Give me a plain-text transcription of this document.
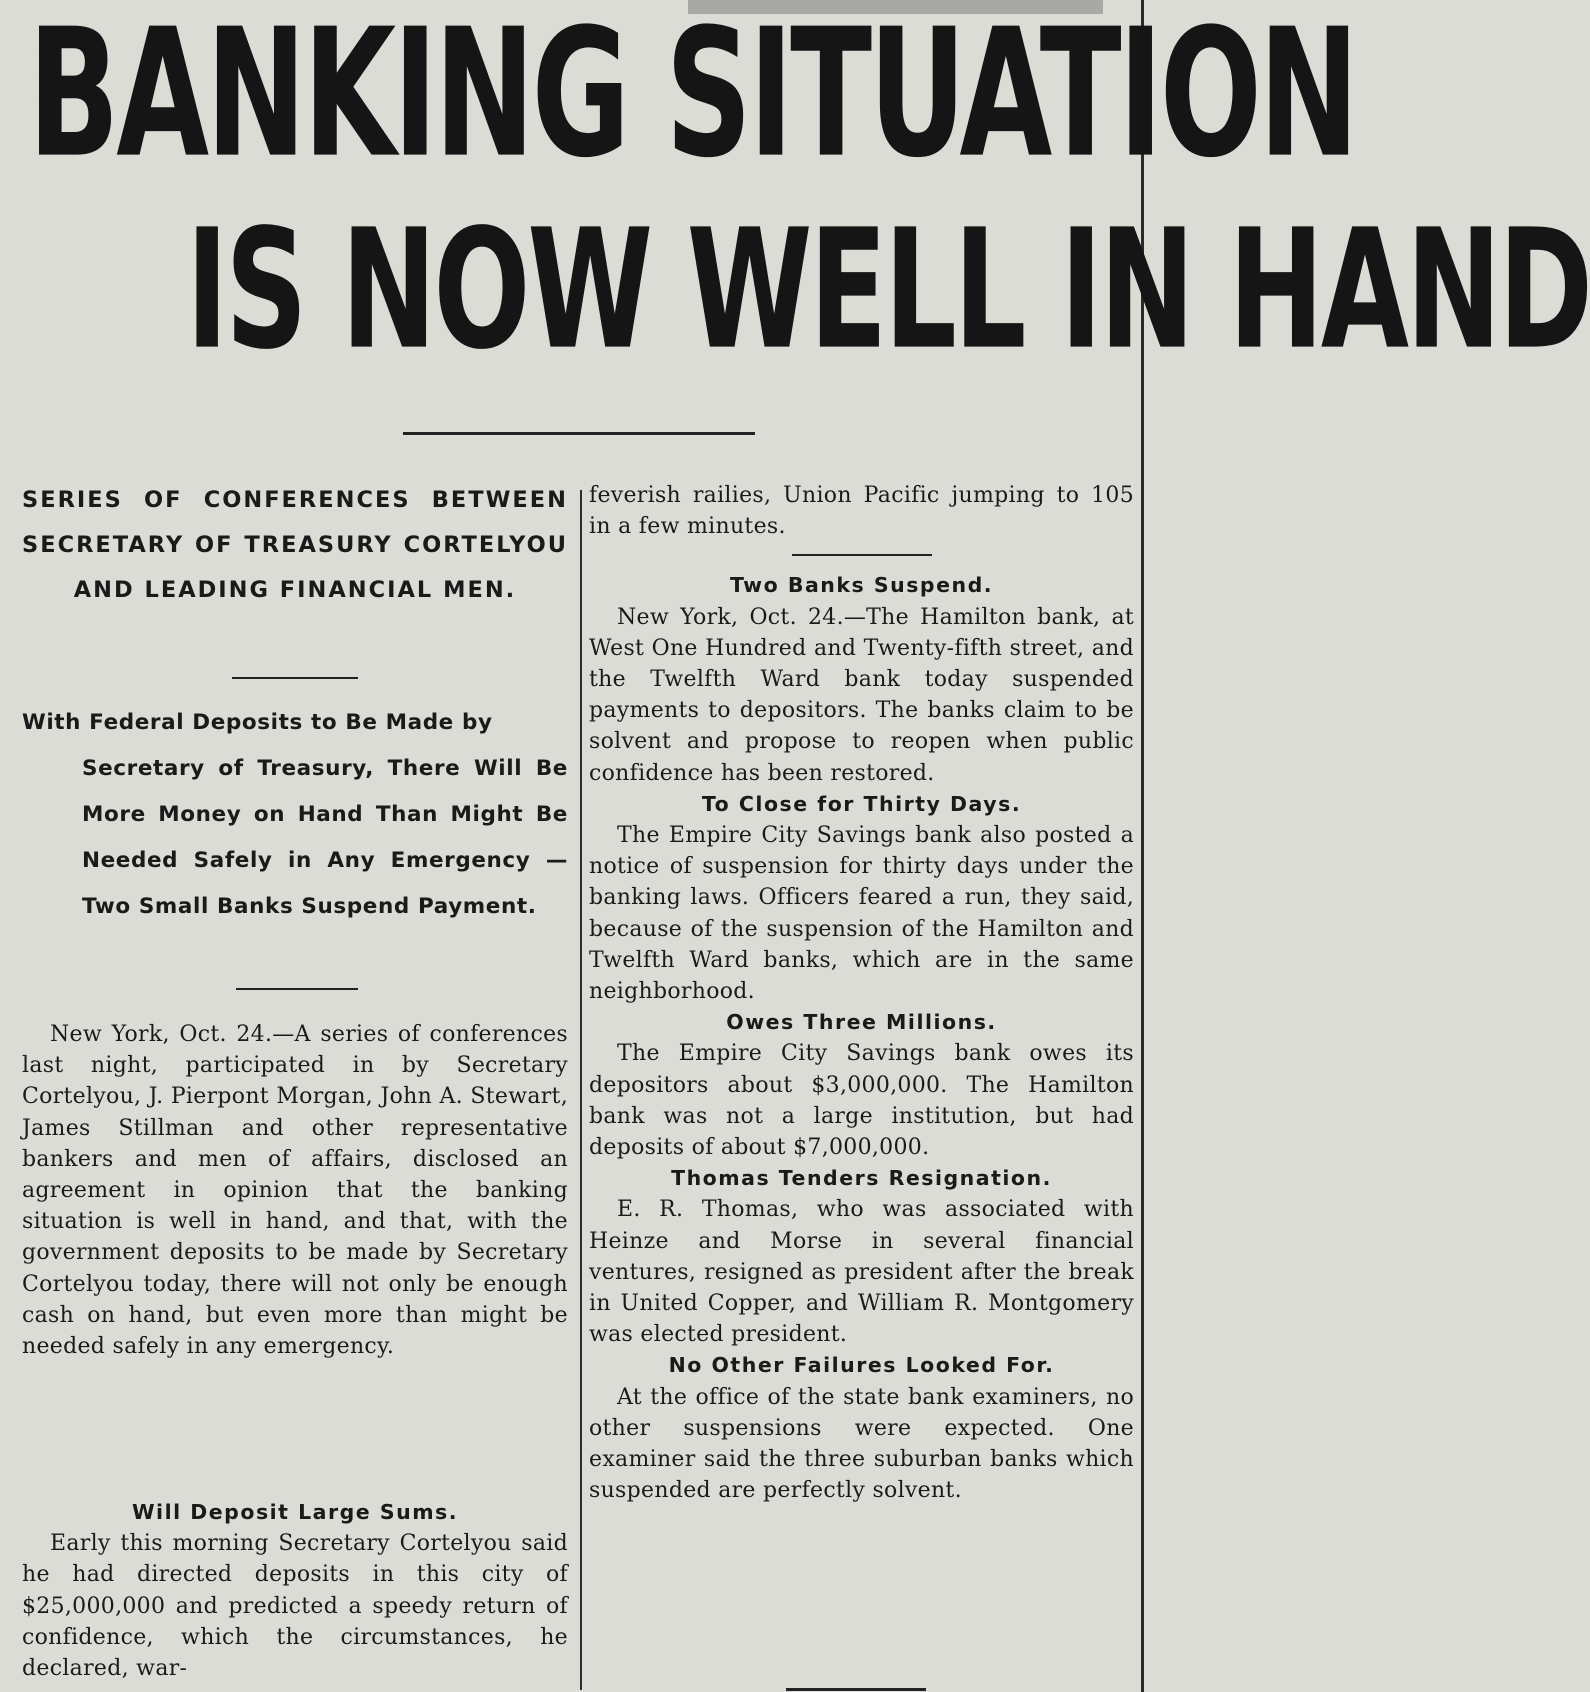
BANKING SITUATION
IS NOW WELL IN HAND

SERIES OF CONFERENCES BETWEEN SECRETARY OF TREASURY CORTELYOU AND LEADING FINANCIAL MEN.

With Federal Deposits to Be Made by
Secretary of Treasury, There Will Be More Money on Hand Than Might Be Needed Safely in Any Emergency — Two Small Banks Suspend Payment.

New York, Oct. 24.—A series of conferences last night, participated in by Secretary Cortelyou, J. Pierpont Morgan, John A. Stewart, James Stillman and other representative bankers and men of affairs, disclosed an agreement in opinion that the banking situation is well in hand, and that, with the government deposits to be made by Secretary Cortelyou today, there will not only be enough cash on hand, but even more than might be needed safely in any emergency.

Will Deposit Large Sums.

Early this morning Secretary Cortelyou said he had directed deposits in this city of $25,000,000 and predicted a speedy return of confidence, which the circumstances, he declared, war-

feverish railies, Union Pacific jumping to 105 in a few minutes.

Two Banks Suspend.

New York, Oct. 24.—The Hamilton bank, at West One Hundred and Twenty-fifth street, and the Twelfth Ward bank today suspended payments to depositors. The banks claim to be solvent and propose to reopen when public confidence has been restored.

To Close for Thirty Days.

The Empire City Savings bank also posted a notice of suspension for thirty days under the banking laws. Officers feared a run, they said, because of the suspension of the Hamilton and Twelfth Ward banks, which are in the same neighborhood.

Owes Three Millions.

The Empire City Savings bank owes its depositors about $3,000,000. The Hamilton bank was not a large institution, but had deposits of about $7,000,000.

Thomas Tenders Resignation.

E. R. Thomas, who was associated with Heinze and Morse in several financial ventures, resigned as president after the break in United Copper, and William R. Montgomery was elected president.

No Other Failures Looked For.

At the office of the state bank examiners, no other suspensions were expected. One examiner said the three suburban banks which suspended are perfectly solvent.
